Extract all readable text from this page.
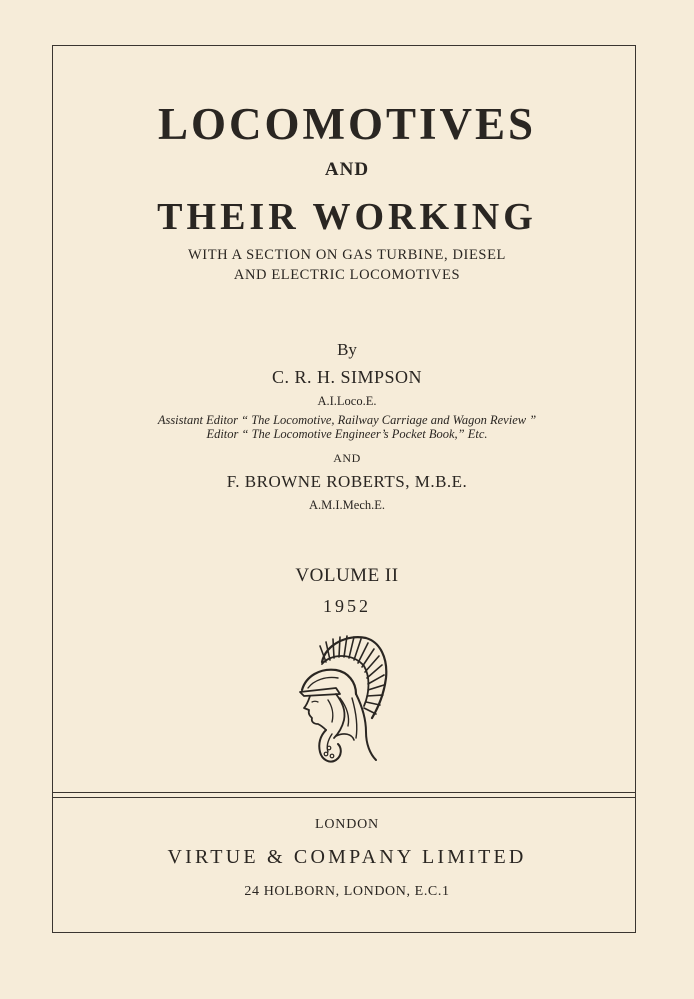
LOCOMOTIVES
AND
THEIR WORKING
WITH A SECTION ON GAS TURBINE, DIESEL
AND ELECTRIC LOCOMOTIVES
By
C. R. H. SIMPSON
A.I.Loco.E.
Assistant Editor “ The Locomotive, Railway Carriage and Wagon Review ”
Editor “ The Locomotive Engineer’s Pocket Book,” Etc.
AND
F. BROWNE ROBERTS, M.B.E.
A.M.I.Mech.E.
VOLUME II
1952
LONDON
VIRTUE & COMPANY LIMITED
24 HOLBORN, LONDON, E.C.1
